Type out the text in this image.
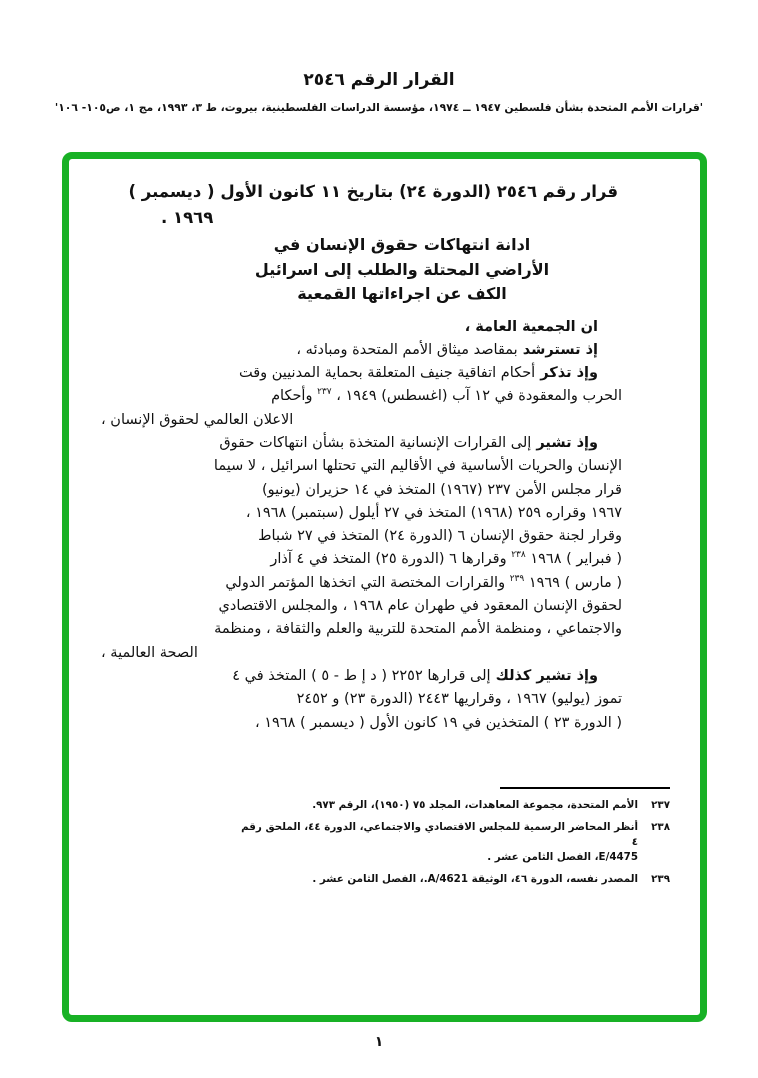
القرار الرقم ٢٥٤٦
'قرارات الأمم المتحدة بشأن فلسطين ١٩٤٧ ــ ١٩٧٤، مؤسسة الدراسات الفلسطينية، بيروت، ط ٣، ١٩٩٣، مج ١، ص١٠٥- ١٠٦'
قرار رقم ٢٥٤٦ (الدورة ٢٤) بتاريخ ١١ كانون الأول ( ديسمبر )
١٩٦٩ .
ادانة انتهاكات حقوق الإنسان في
الأراضي المحتلة والطلب إلى اسرائيل
الكف عن اجراءاتها القمعية
ان الجمعية العامة ،
إذ تسترشد بمقاصد ميثاق الأمم المتحدة ومبادئه ،
وإذ تذكر أحكام اتفاقية جنيف المتعلقة بحماية المدنيين وقت
الحرب والمعقودة في ١٢ آب (اغسطس) ١٩٤٩ ، $^{٢٣٧}$ وأحكام
الاعلان العالمي لحقوق الإنسان ،
وإذ تشير إلى القرارات الإنسانية المتخذة بشأن انتهاكات حقوق
الإنسان والحريات الأساسية في الأقاليم التي تحتلها اسرائيل ، لا سيما
قرار مجلس الأمن ٢٣٧ (١٩٦٧) المتخذ في ١٤ حزيران (يونيو)
١٩٦٧ وقراره ٢٥٩ (١٩٦٨) المتخذ في ٢٧ أيلول (سبتمبر) ١٩٦٨ ،
وقرار لجنة حقوق الإنسان ٦ (الدورة ٢٤) المتخذ في ٢٧ شباط
( فبراير ) ١٩٦٨ $^{٢٣٨}$ وقرارها ٦ (الدورة ٢٥) المتخذ في ٤ آذار
( مارس ) ١٩٦٩ $^{٢٣٩}$ والقرارات المختصة التي اتخذها المؤتمر الدولي
لحقوق الإنسان المعقود في طهران عام ١٩٦٨ ، والمجلس الاقتصادي
والاجتماعي ، ومنظمة الأمم المتحدة للتربية والعلم والثقافة ، ومنظمة
الصحة العالمية ،
وإذ تشير كذلك إلى قرارها ٢٢٥٢ ( د إ ط - ٥ ) المتخذ في ٤
تموز (يوليو) ١٩٦٧ ، وقراريها ٢٤٤٣ (الدورة ٢٣) و ٢٤٥٢
( الدورة ٢٣ ) المتخذين في ١٩ كانون الأول ( ديسمبر ) ١٩٦٨ ،
٢٣٧
الأمم المتحدة، مجموعة المعاهدات، المجلد ٧٥ (١٩٥٠)، الرقم ٩٧٣.
٢٣٨
أنظر المحاضر الرسمية للمجلس الاقتصادي والاجتماعي، الدورة ٤٤، الملحق رقم ٤
E/4475، الفصل الثامن عشر .
٢٣٩
المصدر نفسه، الدورة ٤٦، الوثيقة A/4621.، الفصل الثامن عشر .
١
